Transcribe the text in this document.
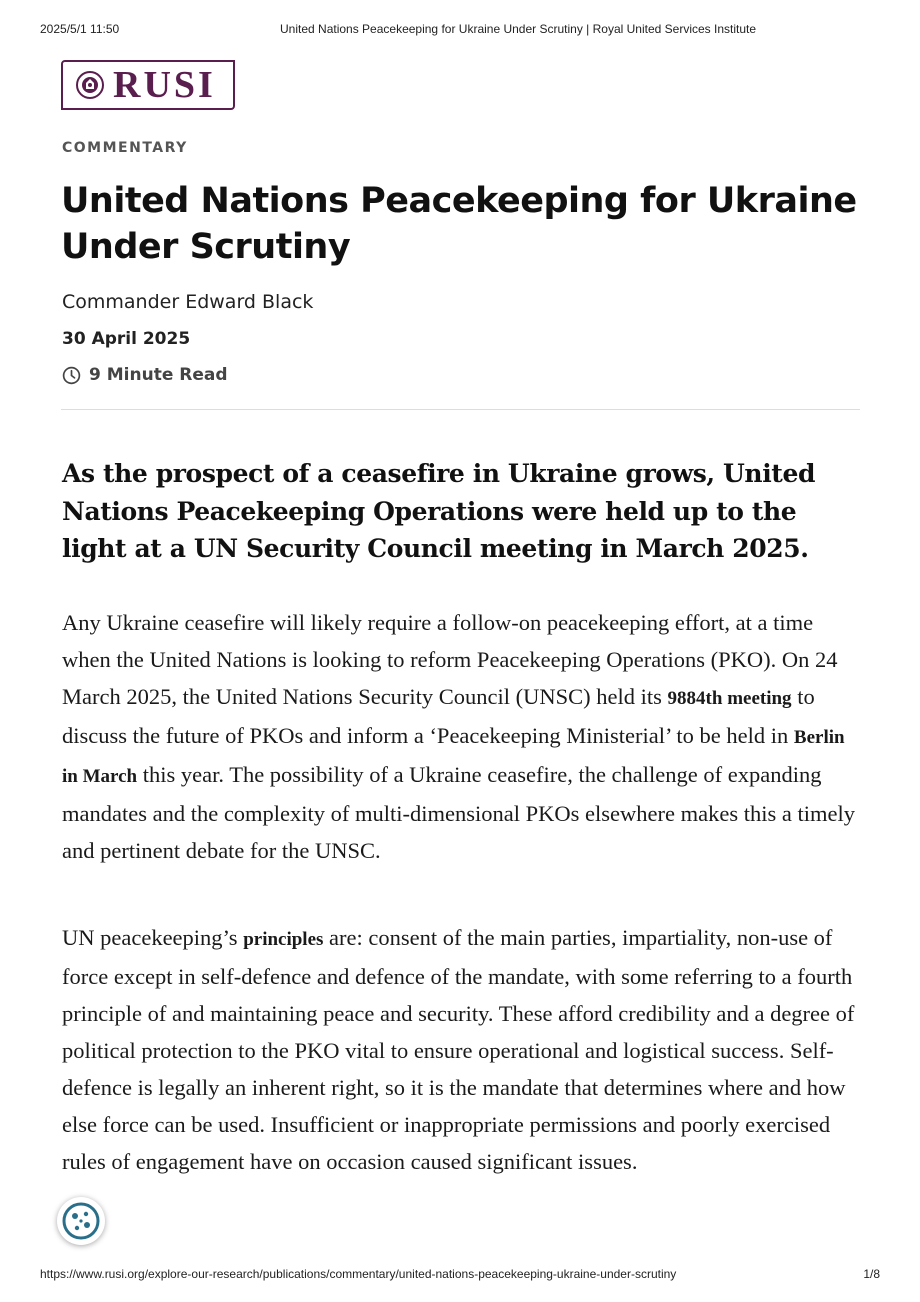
2025/5/1 11:50	United Nations Peacekeeping for Ukraine Under Scrutiny | Royal United Services Institute
RUSI
COMMENTARY
United Nations Peacekeeping for Ukraine Under Scrutiny
Commander Edward Black
30 April 2025
9 Minute Read

As the prospect of a ceasefire in Ukraine grows, United Nations Peacekeeping Operations were held up to the light at a UN Security Council meeting in March 2025.

Any Ukraine ceasefire will likely require a follow-on peacekeeping effort, at a time when the United Nations is looking to reform Peacekeeping Operations (PKO). On 24 March 2025, the United Nations Security Council (UNSC) held its 9884th meeting to discuss the future of PKOs and inform a ‘Peacekeeping Ministerial’ to be held in Berlin in March this year. The possibility of a Ukraine ceasefire, the challenge of expanding mandates and the complexity of multi-dimensional PKOs elsewhere makes this a timely and pertinent debate for the UNSC.

UN peacekeeping’s principles are: consent of the main parties, impartiality, non-use of force except in self-defence and defence of the mandate, with some referring to a fourth principle of and maintaining peace and security. These afford credibility and a degree of political protection to the PKO vital to ensure operational and logistical success. Self-defence is legally an inherent right, so it is the mandate that determines where and how else force can be used. Insufficient or inappropriate permissions and poorly exercised rules of engagement have on occasion caused significant issues.

https://www.rusi.org/explore-our-research/publications/commentary/united-nations-peacekeeping-ukraine-under-scrutiny	1/8
